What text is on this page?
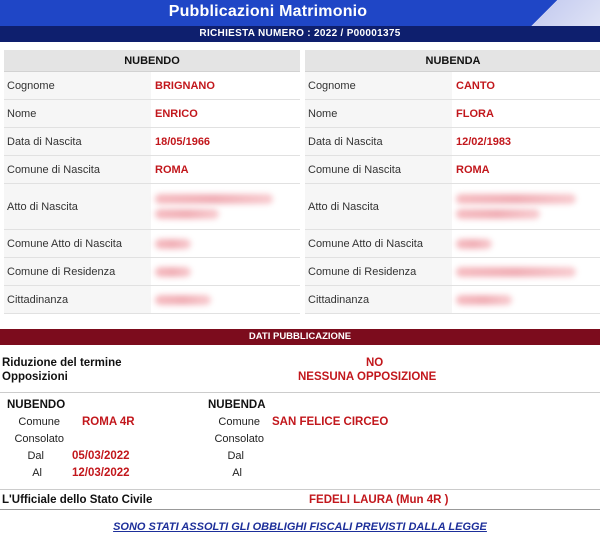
Pubblicazioni Matrimonio
RICHIESTA NUMERO : 2022 / P00001375
NUBENDO
Cognome	BRIGNANO
Nome	ENRICO
Data di Nascita	18/05/1966
Comune di Nascita	ROMA
Atto di Nascita
Comune Atto di Nascita
Comune di Residenza
Cittadinanza
NUBENDA
Cognome	CANTO
Nome	FLORA
Data di Nascita	12/02/1983
Comune di Nascita	ROMA
Atto di Nascita
Comune Atto di Nascita
Comune di Residenza
Cittadinanza
DATI PUBBLICAZIONE
Riduzione del termine	NO
Opposizioni	NESSUNA OPPOSIZIONE
NUBENDO
Comune ROMA 4R
Consolato
Dal 05/03/2022
Al	12/03/2022
NUBENDA
Comune SAN FELICE CIRCEO
Consolato
Dal
Al
L'Ufficiale dello Stato Civile	FEDELI LAURA (Mun 4R )
SONO STATI ASSOLTI GLI OBBLIGHI FISCALI PREVISTI DALLA LEGGE
